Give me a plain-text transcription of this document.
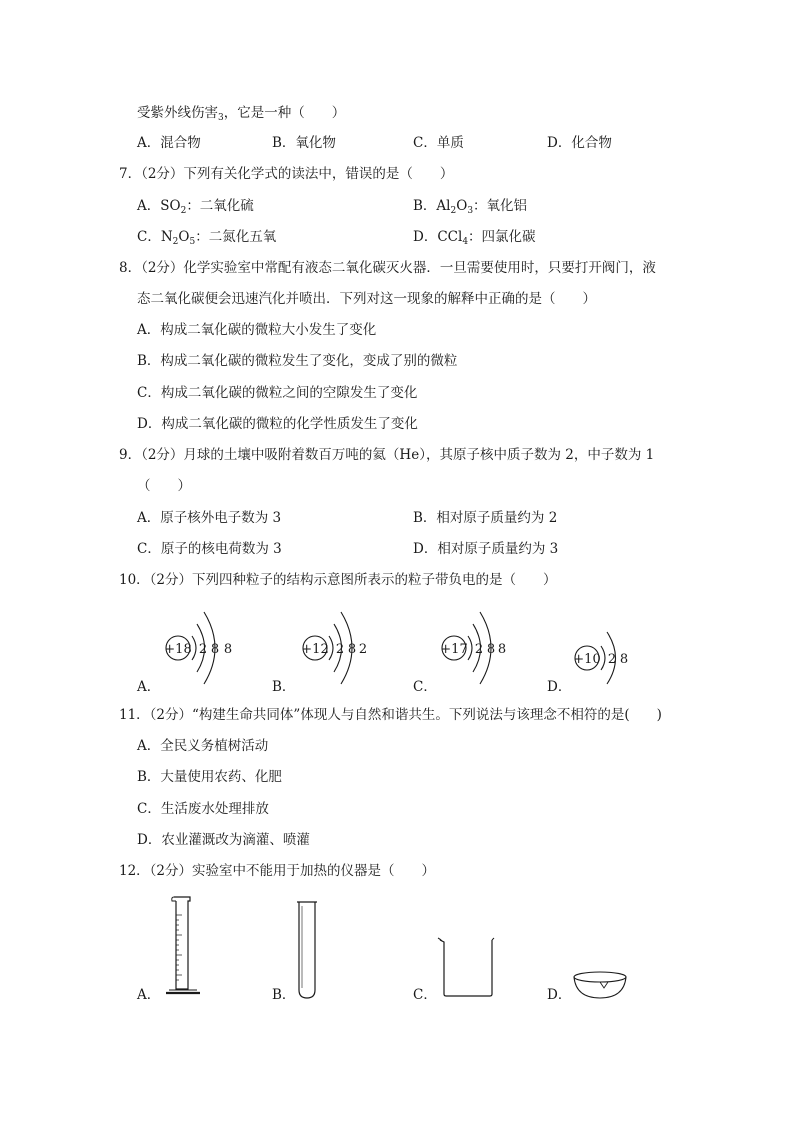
受紫外线伤害$_3$，它是一种（　　）
A．混合物	B．氧化物	C．单质	D．化合物
7．（2分）下列有关化学式的读法中，错误的是（　　）
A．$SO_2$：二氧化硫	B．$Al_2O_3$：氧化铝
C．$N_2O_5$：二氮化五氧	D．CCl$_4$：四氯化碳
8．（2分）化学实验室中常配有液态二氧化碳灭火器．一旦需要使用时，只要打开阀门，液
态二氧化碳便会迅速汽化并喷出．下列对这一现象的解释中正确的是（　　）
A．构成二氧化碳的微粒大小发生了变化
B．构成二氧化碳的微粒发生了变化，变成了别的微粒
C．构成二氧化碳的微粒之间的空隙发生了变化
D．构成二氧化碳的微粒的化学性质发生了变化
9．（2分）月球的土壤中吸附着数百万吨的氦（He），其原子核中质子数为 2，中子数为 1
（　　）
A．原子核外电子数为 3	B．相对原子质量约为 2
C．原子的核电荷数为 3	D．相对原子质量约为 3
10．（2分）下列四种粒子的结构示意图所表示的粒子带负电的是（　　）
A．
+18 2 8 8
B．
+12 2 8 2
C．
+17 2 8 8
D．
+10 2 8
11．（2分）“构建生命共同体”体现人与自然和谐共生。下列说法与该理念不相符的是(　　)
A．全民义务植树活动
B．大量使用农药、化肥
C．生活废水处理排放
D．农业灌溉改为滴灌、喷灌
12．（2分）实验室中不能用于加热的仪器是（　　）
A．	B．	C．	D．
